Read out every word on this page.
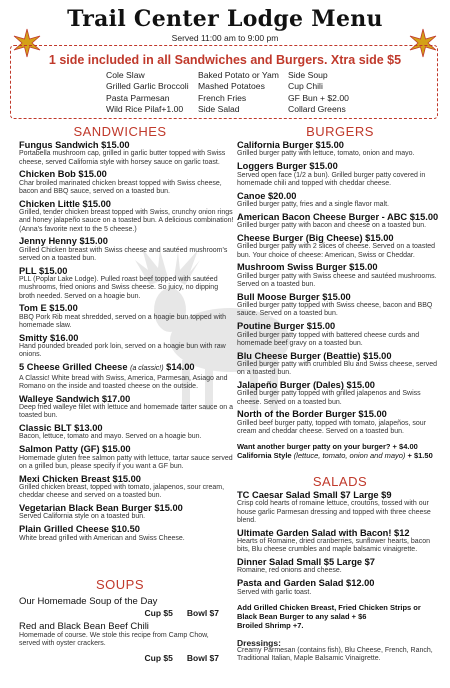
Trail Center Lodge Menu
Served 11:00 am to 9:00 pm
1 side included in all Sandwiches and Burgers. Xtra side $5
Cole Slaw
Grilled Garlic Broccoli
Pasta Parmesan
Wild Rice Pilaf+1.00
Baked Potato or Yam
Mashed Potatoes
French Fries
Side Salad
Side Soup
Cup Chili
GF Bun + $2.00
Collard Greens
SANDWICHES
Fungus Sandwich $15.00
Portabella mushroom cap, grilled in garlic butter topped with Swiss cheese, served California style with horsey sauce on garlic toast.
Chicken Bob $15.00
Char broiled marinated chicken breast topped with Swiss cheese, bacon and BBQ sauce, served on a toasted bun.
Chicken Little $15.00
Grilled, tender chicken breast topped with Swiss, crunchy onion rings and honey jalapeño sauce on a toasted bun. A delicious combination! (Anna's favorite next to the 5 cheese.)
Jenny Henny $15.00
Grilled Chicken breast with Swiss cheese and sautéed mushroom's served on a toasted bun.
PLL $15.00
PLL (Poplar Lake Lodge). Pulled roast beef topped with sautéed mushrooms, fried onions and Swiss cheese. So juicy, no dipping broth needed. Served on a hoagie bun.
Tom E $15.00
BBQ Pork Rib meat shredded, served on a hoagie bun topped with homemade slaw.
Smitty $16.00
Hand pounded breaded pork loin, served on a hoagie bun with raw onions.
5 Cheese Grilled Cheese (a classic!) $14.00
A Classic! White bread with Swiss, America, Parmesan, Asiago and Romano on the inside and toasted cheese on the outside.
Walleye Sandwich $17.00
Deep fried walleye fillet with lettuce and homemade tarter sauce on a toasted bun.
Classic BLT $13.00
Bacon, lettuce, tomato and mayo. Served on a hoagie bun.
Salmon Patty (GF) $15.00
Homemade gluten free salmon patty with lettuce, tartar sauce served on a grilled bun, please specify if you want a GF bun.
Mexi Chicken Breast $15.00
Grilled chicken breast, topped with tomato, jalapenos, sour cream, cheddar cheese and served on a toasted bun.
Vegetarian Black Bean Burger $15.00
Served California style on a toasted bun.
Plain Grilled Cheese $10.50
White bread grilled with American and Swiss Cheese.
SOUPS
Our Homemade Soup of the Day
Cup $5 Bowl $7
Red and Black Bean Beef Chili
Homemade of course. We stole this recipe from Camp Chow, served with oyster crackers.
Cup $5 Bowl $7
BURGERS
California Burger $15.00
Grilled burger patty with lettuce, tomato, onion and mayo.
Loggers Burger $15.00
Served open face (1/2 a bun). Grilled burger patty covered in homemade chili and topped with cheddar cheese.
Canoe $20.00
Grilled burger patty, fries and a single flavor malt.
American Bacon Cheese Burger - ABC $15.00
Grilled burger patty with bacon and cheese on a toasted bun.
Cheese Burger (Big Cheese) $15.00
Grilled burger patty with 2 slices of cheese. Served on a toasted bun. Your choice of cheese: American, Swiss or Cheddar.
Mushroom Swiss Burger $15.00
Grilled burger patty with Swiss cheese and sautéed mushrooms. Served on a toasted bun.
Bull Moose Burger $15.00
Grilled burger patty topped with Swiss cheese, bacon and BBQ sauce. Served on a toasted bun.
Poutine Burger $15.00
Grilled burger patty topped with battered cheese curds and homemade beef gravy on a toasted bun.
Blu Cheese Burger (Beattie) $15.00
Grilled burger patty with crumbled Blu and Swiss cheese, served on a toasted bun.
Jalapeño Burger (Dales) $15.00
Grilled burger patty topped with grilled jalapenos and Swiss cheese. Served on a toasted bun.
North of the Border Burger $15.00
Grilled beef burger patty, topped with tomato, jalapeños, sour cream and cheddar cheese. Served on a toasted bun.
Want another burger patty on your burger? + $4.00
California Style (lettuce, tomato, onion and mayo) + $1.50
SALADS
TC Caesar Salad Small $7 Large $9
Crisp cold hearts of romaine lettuce, croutons, tossed with our house garlic Parmesan dressing and topped with three cheese blend.
Ultimate Garden Salad with Bacon! $12
Hearts of Romaine, dried cranberries, sunflower hearts, bacon bits, Blu cheese crumbles and maple balsamic vinaigrette.
Dinner Salad Small $5 Large $7
Romaine, red onions and cheese.
Pasta and Garden Salad $12.00
Served with garlic toast.
Add Grilled Chicken Breast, Fried Chicken Strips or Black Bean Burger to any salad + $6
Broiled Shrimp +7.
Dressings:
Creamy Parmesan (contains fish), Blu Cheese, French, Ranch, Traditional Italian, Maple Balsamic Vinaigrette.
